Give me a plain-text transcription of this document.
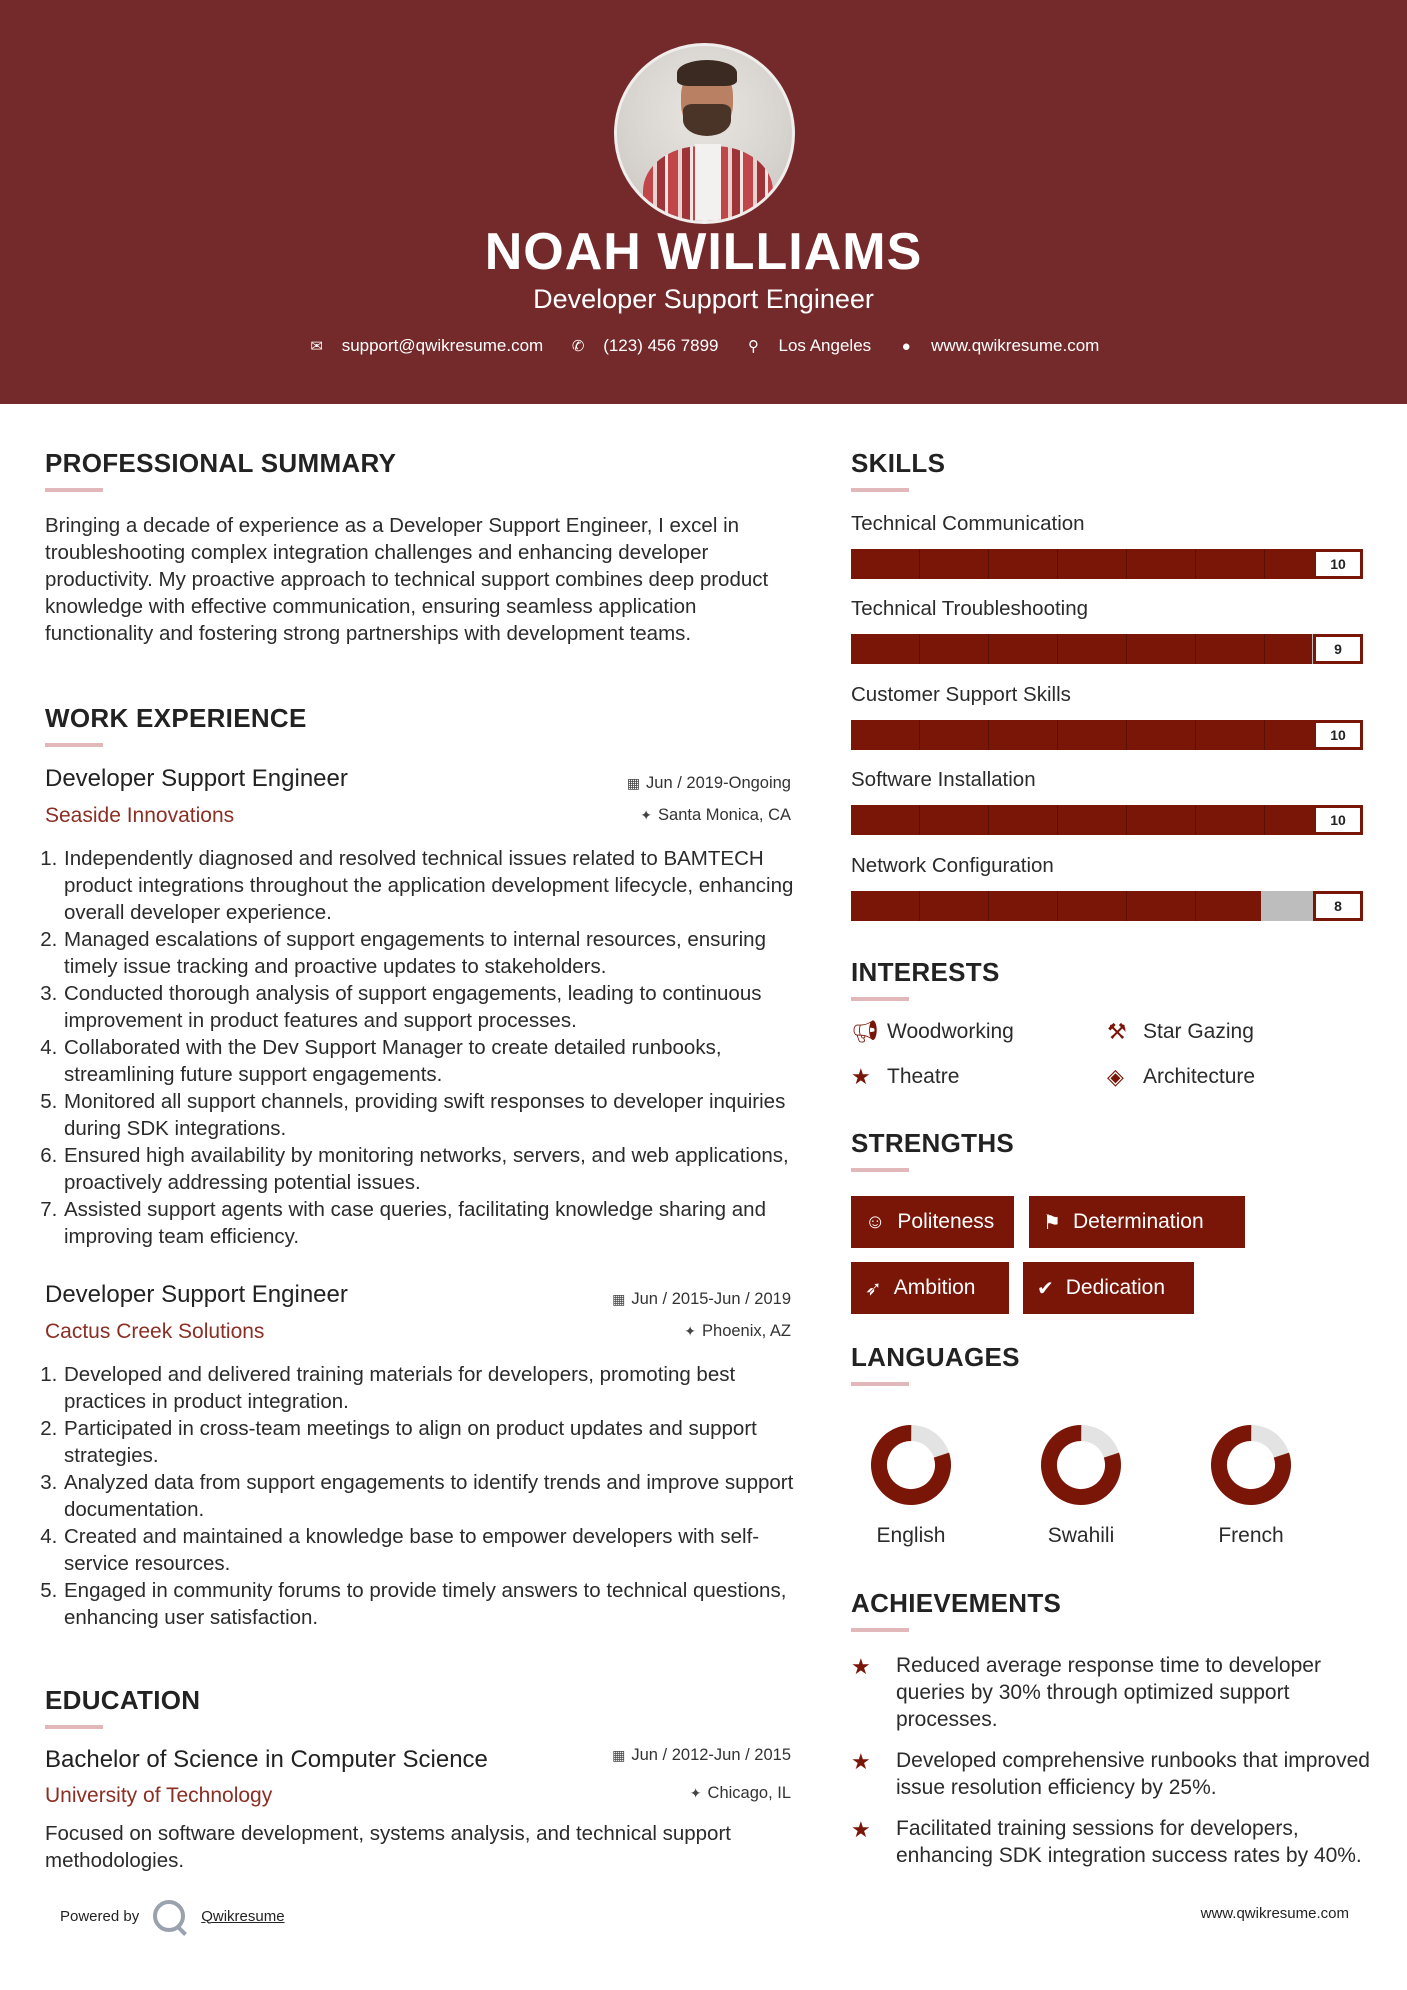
NOAH WILLIAMS
Developer Support Engineer
✉ support@qwikresume.com ✆ (123) 456 7899 ⚲ Los Angeles ● www.qwikresume.com
PROFESSIONAL SUMMARY
Bringing a decade of experience as a Developer Support Engineer, I excel in troubleshooting complex integration challenges and enhancing developer productivity. My proactive approach to technical support combines deep product knowledge with effective communication, ensuring seamless application functionality and fostering strong partnerships with development teams.
WORK EXPERIENCE
Developer Support Engineer	▦ Jun / 2019-Ongoing
Seaside Innovations	✦ Santa Monica, CA
1. Independently diagnosed and resolved technical issues related to BAMTECH product integrations throughout the application development lifecycle, enhancing overall developer experience.
2. Managed escalations of support engagements to internal resources, ensuring timely issue tracking and proactive updates to stakeholders.
3. Conducted thorough analysis of support engagements, leading to continuous improvement in product features and support processes.
4. Collaborated with the Dev Support Manager to create detailed runbooks, streamlining future support engagements.
5. Monitored all support channels, providing swift responses to developer inquiries during SDK integrations.
6. Ensured high availability by monitoring networks, servers, and web applications, proactively addressing potential issues.
7. Assisted support agents with case queries, facilitating knowledge sharing and improving team efficiency.
Developer Support Engineer	▦ Jun / 2015-Jun / 2019
Cactus Creek Solutions	✦ Phoenix, AZ
1. Developed and delivered training materials for developers, promoting best practices in product integration.
2. Participated in cross-team meetings to align on product updates and support strategies.
3. Analyzed data from support engagements to identify trends and improve support documentation.
4. Created and maintained a knowledge base to empower developers with self-service resources.
5. Engaged in community forums to provide timely answers to technical questions, enhancing user satisfaction.
EDUCATION
Bachelor of Science in Computer Science	▦ Jun / 2012-Jun / 2015
University of Technology	✦ Chicago, IL
Focused on software development, systems analysis, and technical support methodologies.
SKILLS
Technical Communication
10
Technical Troubleshooting
9
Customer Support Skills
10
Software Installation
10
Network Configuration
8
INTERESTS
📢︎ Woodworking	⚒ Star Gazing
★ Theatre	◈ Architecture
STRENGTHS
☺ Politeness ⚑ Determination
➶ Ambition	✔ Dedication
LANGUAGES
English	Swahili	French
ACHIEVEMENTS
★	Reduced average response time to developer queries by 30% through optimized support processes.
★	Developed comprehensive runbooks that improved issue resolution efficiency by 25%.
★	Facilitated training sessions for developers, enhancing SDK integration success rates by 40%.
Powered by	Qwikresume	www.qwikresume.com
